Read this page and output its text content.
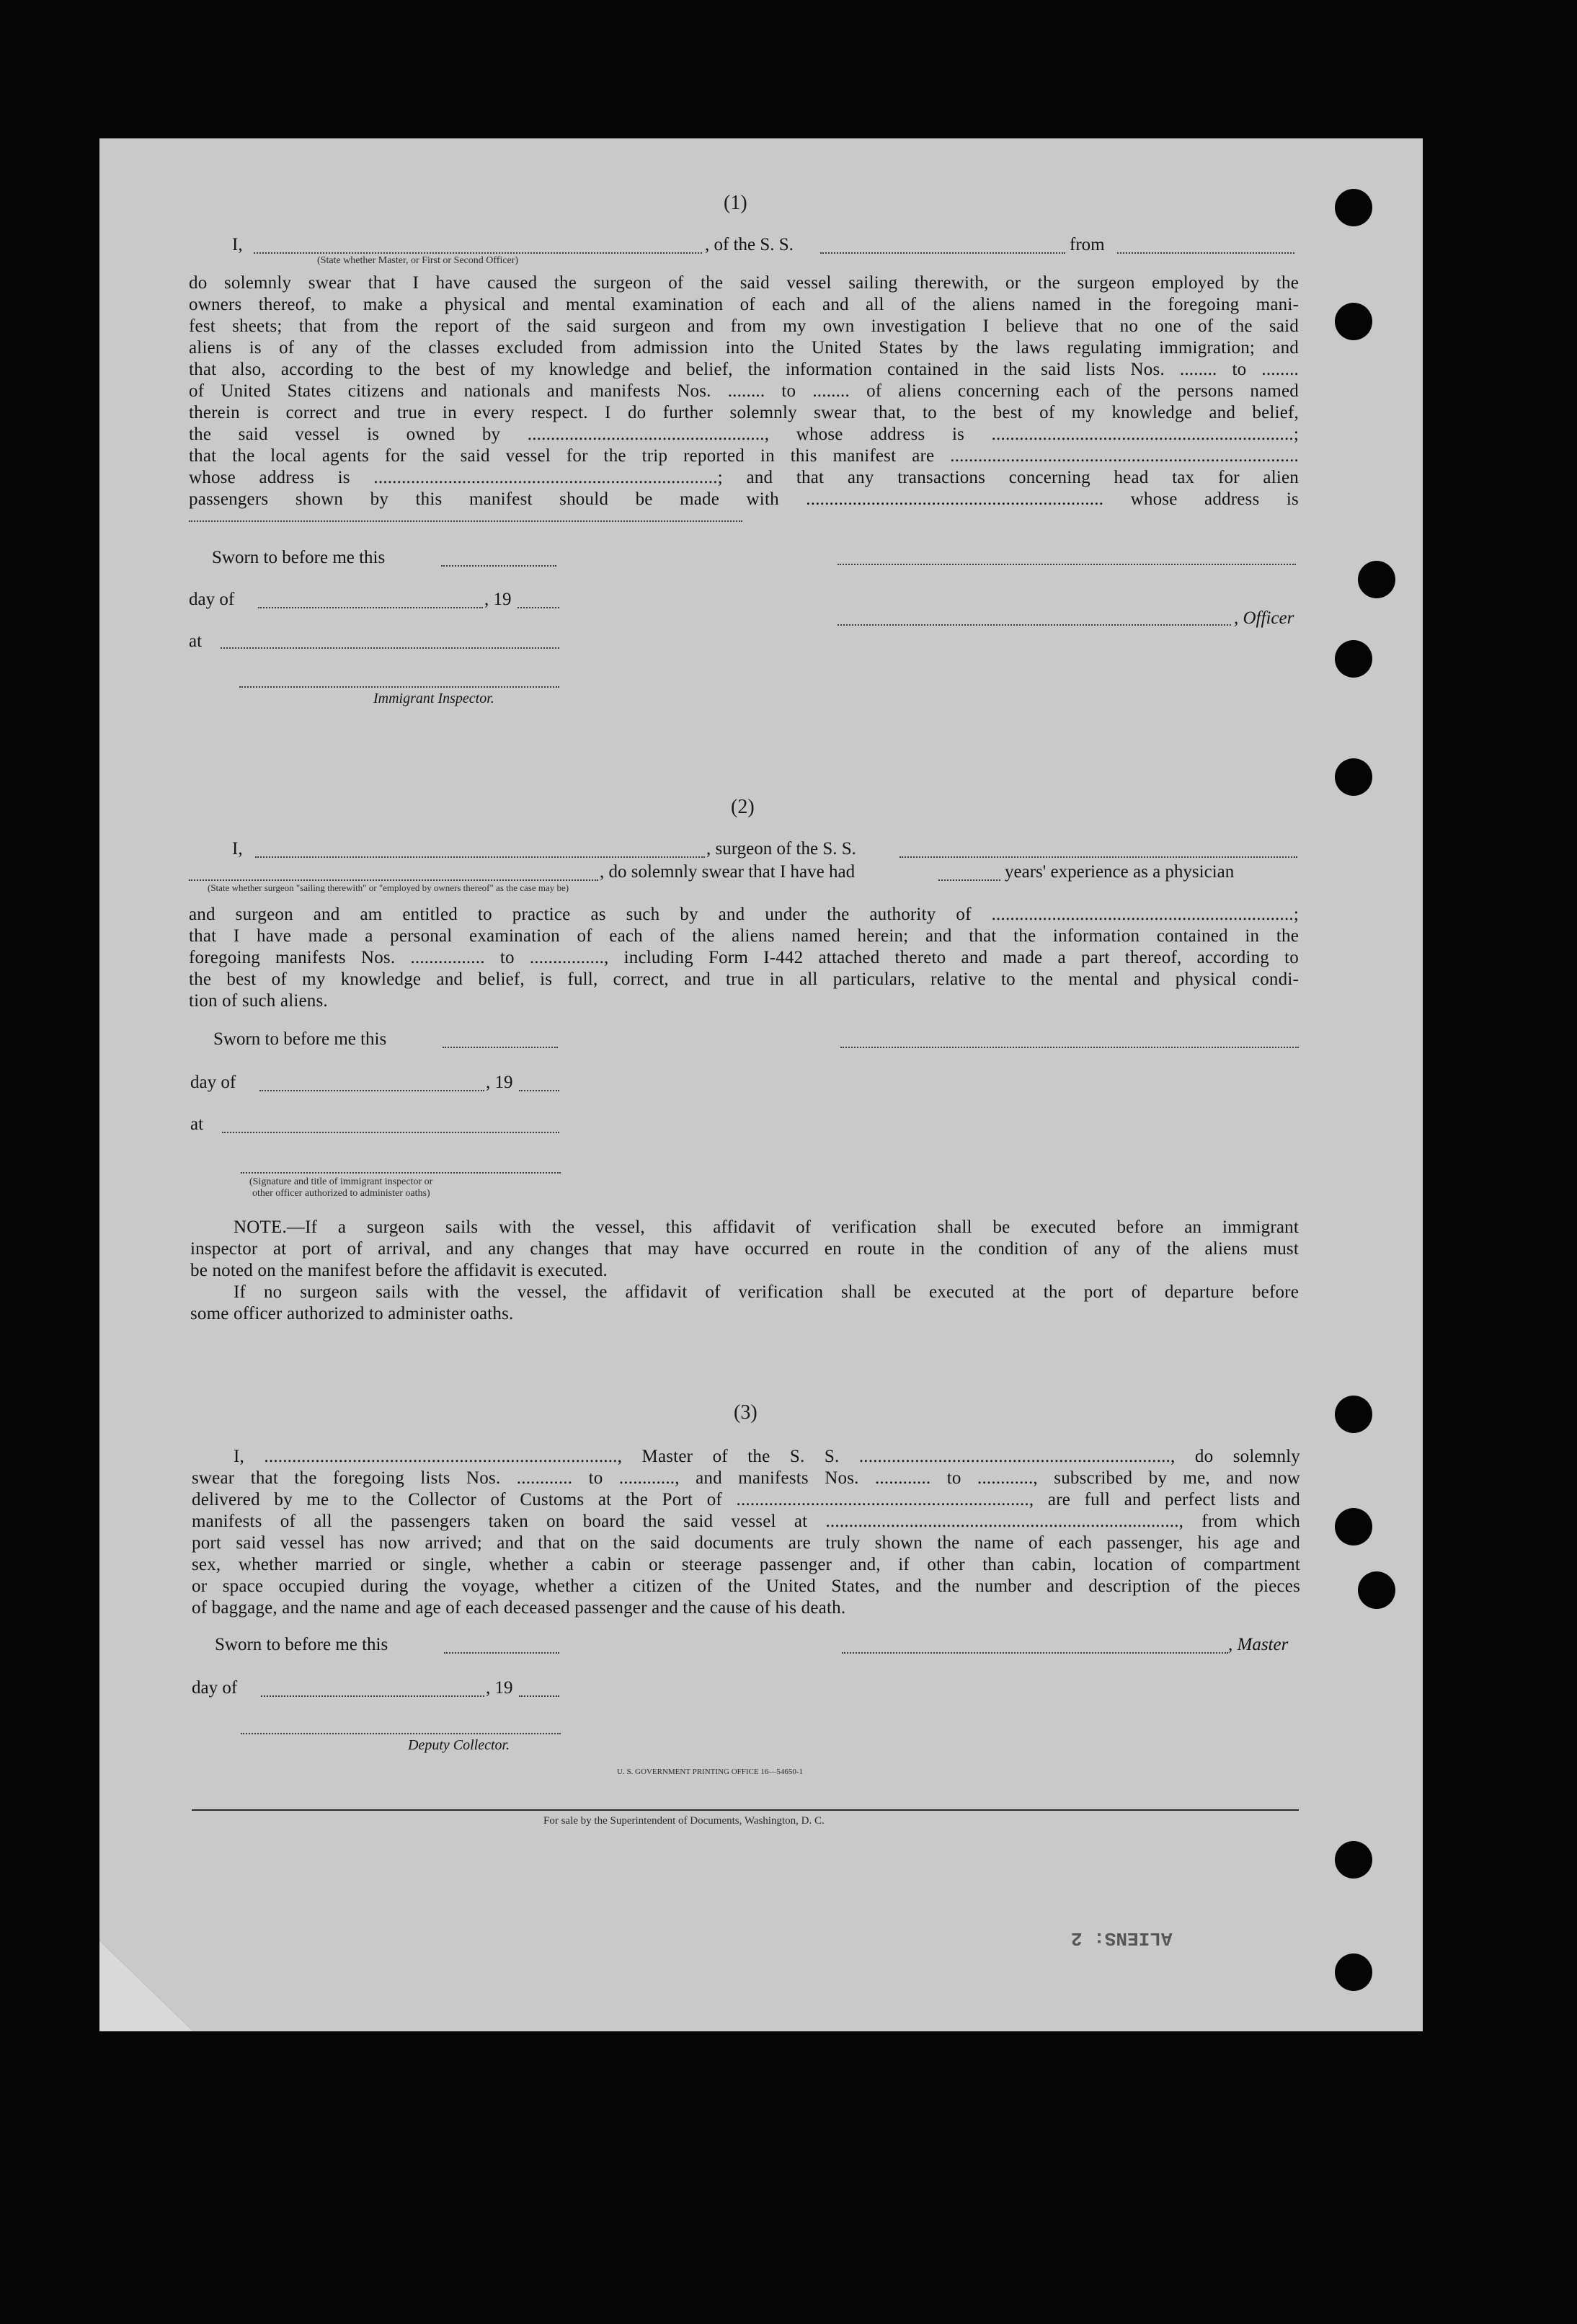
(1)
I,	, of the S. S.	from
(State whether Master, or First or Second Officer)
do solemnly swear that I have caused the surgeon of the said vessel sailing therewith, or the surgeon employed by the
owners thereof, to make a physical and mental examination of each and all of the aliens named in the foregoing mani-
fest sheets; that from the report of the said surgeon and from my own investigation I believe that no one of the said
aliens is of any of the classes excluded from admission into the United States by the laws regulating immigration; and
that also, according to the best of my knowledge and belief, the information contained in the said lists Nos. ........ to ........
of United States citizens and nationals and manifests Nos. ........ to ........ of aliens concerning each of the persons named
therein is correct and true in every respect. I do further solemnly swear that, to the best of my knowledge and belief,
the said vessel is owned by ..................................................., whose address is .................................................................;
that the local agents for the said vessel for the trip reported in this manifest are ...........................................................................
whose address is ..........................................................................; and that any transactions concerning head tax for alien
passengers shown by this manifest should be made with ................................................................ whose address is
Sworn to before me this
day of	, 19
, Officer
at
Immigrant Inspector.
(2)
I,	, surgeon of the S. S.
, do solemnly swear that I have had	years' experience as a physician
(State whether surgeon "sailing therewith" or "employed by owners thereof" as the case may be)
and surgeon and am entitled to practice as such by and under the authority of .................................................................;
that I have made a personal examination of each of the aliens named herein; and that the information contained in the
foregoing manifests Nos. ................ to ................, including Form I-442 attached thereto and made a part thereof, according to
the best of my knowledge and belief, is full, correct, and true in all particulars, relative to the mental and physical condi-
tion of such aliens.
Sworn to before me this
day of	, 19
at
(Signature and title of immigrant inspector or
other officer authorized to administer oaths)
NOTE.—If a surgeon sails with the vessel, this affidavit of verification shall be executed before an immigrant
inspector at port of arrival, and any changes that may have occurred en route in the condition of any of the aliens must
be noted on the manifest before the affidavit is executed.
If no surgeon sails with the vessel, the affidavit of verification shall be executed at the port of departure before
some officer authorized to administer oaths.
(3)
I, ............................................................................, Master of the S. S. ..................................................................., do solemnly
swear that the foregoing lists Nos. ............ to ............, and manifests Nos. ............ to ............, subscribed by me, and now
delivered by me to the Collector of Customs at the Port of ..............................................................., are full and perfect lists and
manifests of all the passengers taken on board the said vessel at ............................................................................, from which
port said vessel has now arrived; and that on the said documents are truly shown the name of each passenger, his age and
sex, whether married or single, whether a cabin or steerage passenger and, if other than cabin, location of compartment
or space occupied during the voyage, whether a citizen of the United States, and the number and description of the pieces
of baggage, and the name and age of each deceased passenger and the cause of his death.
Sworn to before me this	, Master
day of	, 19
Deputy Collector.
U. S. GOVERNMENT PRINTING OFFICE 16—54650-1
For sale by the Superintendent of Documents, Washington, D. C.
ALIENS: 2
